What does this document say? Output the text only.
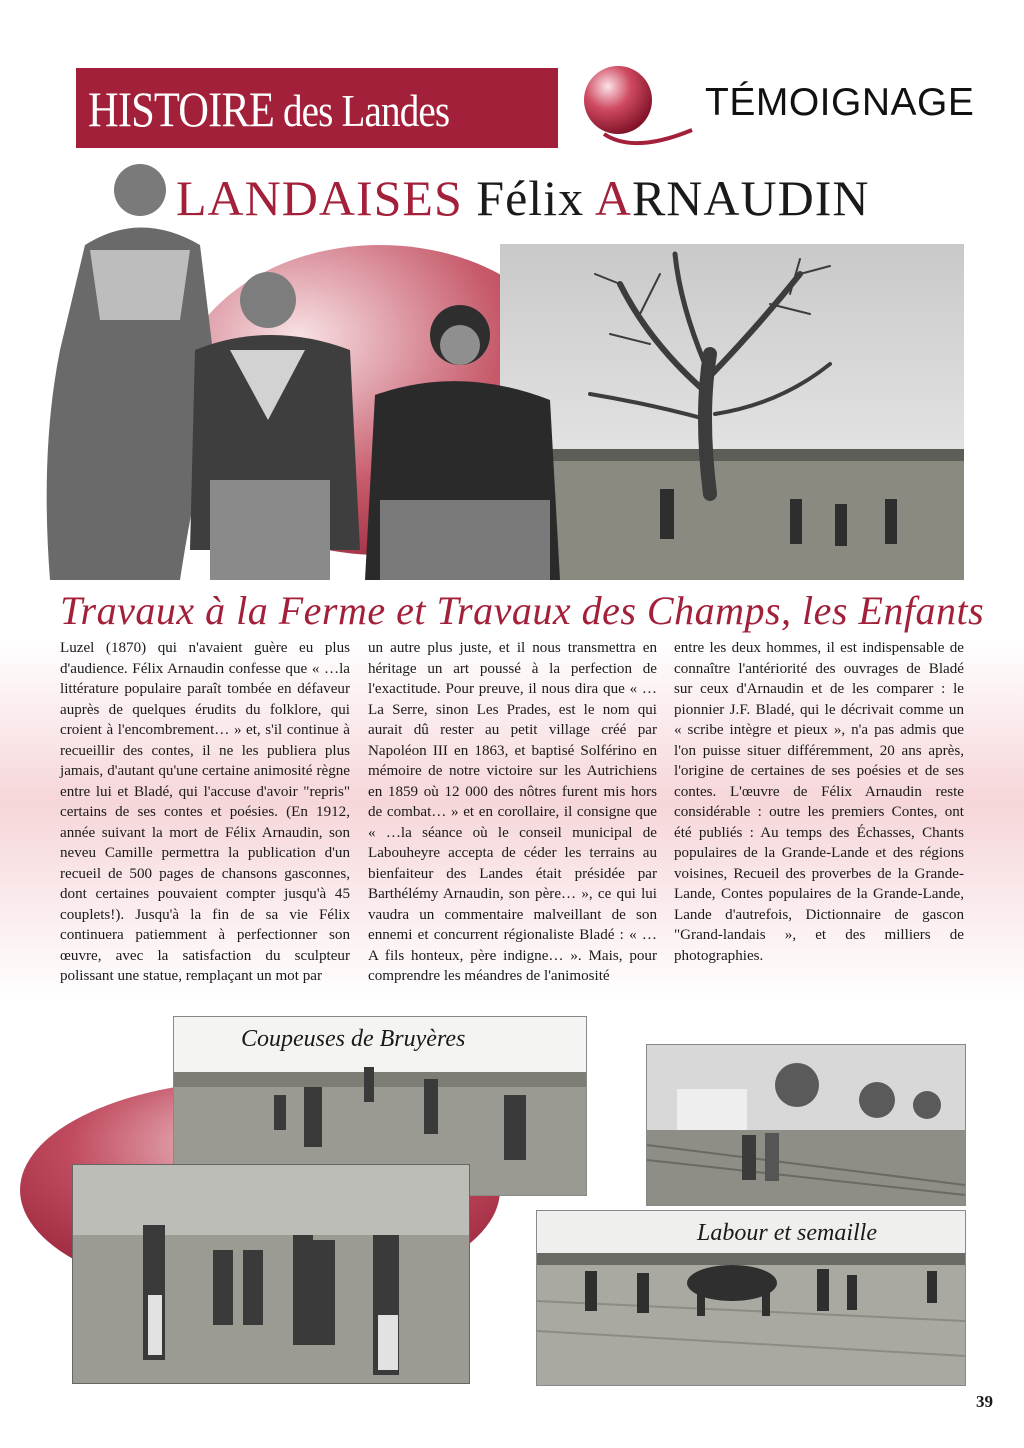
HISTOIRE des Landes	TÉMOIGNAGE
LANDAISES Félix ARNAUDIN
Travaux à la Ferme et Travaux des Champs, les Enfants
Luzel (1870) qui n'avaient guère eu plus d'audience. Félix Arnaudin confesse que « …la littérature populaire paraît tombée en défaveur auprès de quelques érudits du folklore, qui croient à l'encombrement… » et, s'il continue à recueillir des contes, il ne les publiera plus jamais, d'autant qu'une certaine animosité règne entre lui et Bladé, qui l'accuse d'avoir "repris" certains de ses contes et poésies. (En 1912, année suivant la mort de Félix Arnaudin, son neveu Camille permettra la publication d'un recueil de 500 pages de chansons gasconnes, dont certaines pouvaient compter jusqu'à 45 couplets!). Jusqu'à la fin de sa vie Félix continuera patiemment à perfectionner son œuvre, avec la satisfaction du sculpteur polissant une statue, remplaçant un mot par
un autre plus juste, et il nous transmettra en héritage un art poussé à la perfection de l'exactitude. Pour preuve, il nous dira que « …La Serre, sinon Les Prades, est le nom qui aurait dû rester au petit village créé par Napoléon III en 1863, et baptisé Solférino en mémoire de notre victoire sur les Autrichiens en 1859 où 12 000 des nôtres furent mis hors de combat… » et en corollaire, il consigne que « …la séance où le conseil municipal de Labouheyre accepta de céder les terrains au bienfaiteur des Landes était présidée par Barthélémy Arnaudin, son père… », ce qui lui vaudra un commentaire malveillant de son ennemi et concurrent régionaliste Bladé : « …A fils honteux, père indigne… ». Mais, pour comprendre les méandres de l'animosité
entre les deux hommes, il est indispensable de connaître l'antériorité des ouvrages de Bladé sur ceux d'Arnaudin et de les comparer : le pionnier J.F. Bladé, qui le décrivait comme un « scribe intègre et pieux », n'a pas admis que l'on puisse situer différemment, 20 ans après, l'origine de certaines de ses poésies et de ses contes. L'œuvre de Félix Arnaudin reste considérable : outre les premiers Contes, ont été publiés : Au temps des Échasses, Chants populaires de la Grande-Lande et des régions voisines, Recueil des proverbes de la Grande-Lande, Contes populaires de la Grande-Lande, Lande d'autrefois, Dictionnaire de gascon "Grand-landais », et des milliers de photographies.
Coupeuses de Bruyères
Labour et semaille
39
